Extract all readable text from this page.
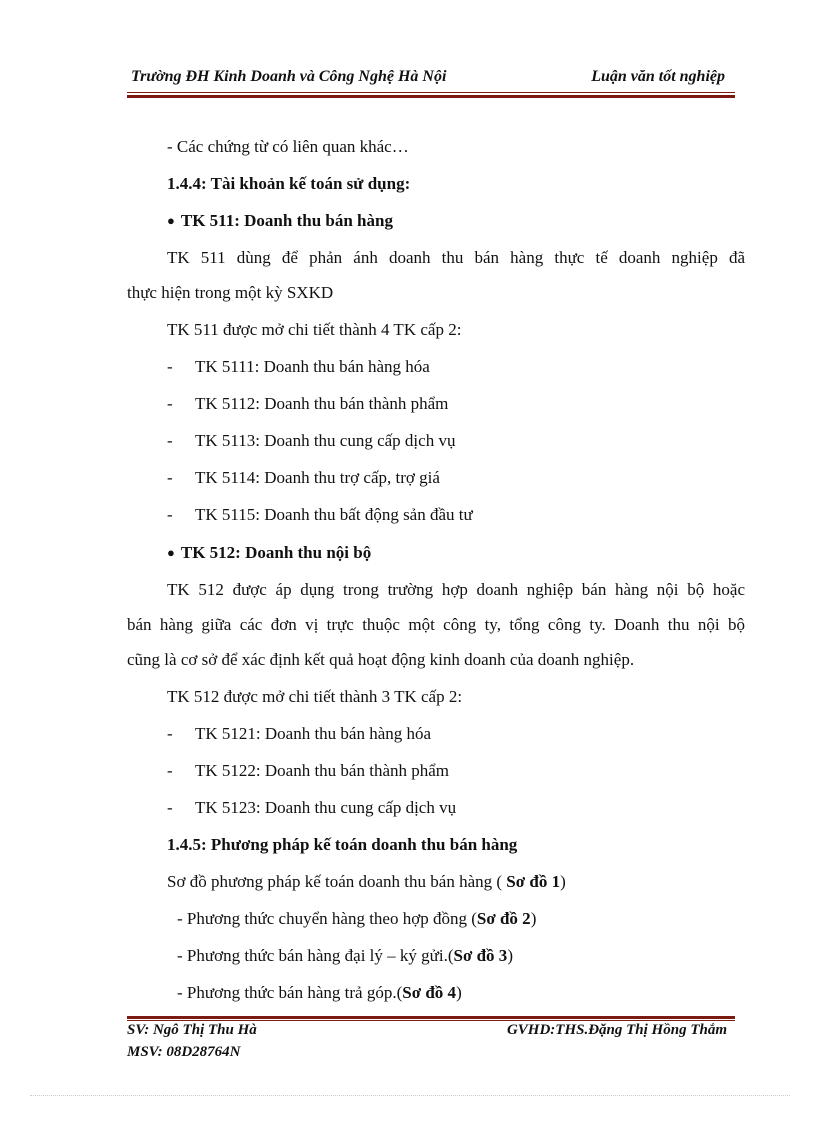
Trường ĐH Kinh Doanh và Công Nghệ Hà Nội	Luận văn tốt nghiệp
- Các chứng từ có liên quan khác…
1.4.4: Tài khoản kế toán sử dụng:
● TK 511: Doanh thu bán hàng
TK 511 dùng để phản ánh doanh thu bán hàng thực tế doanh nghiệp đã
thực hiện trong một kỳ SXKD
TK 511 được mở chi tiết thành 4 TK cấp 2:
- TK 5111: Doanh thu bán hàng hóa
- TK 5112: Doanh thu bán thành phẩm
- TK 5113: Doanh thu cung cấp dịch vụ
- TK 5114: Doanh thu trợ cấp, trợ giá
- TK 5115: Doanh thu bất động sản đầu tư
● TK 512: Doanh thu nội bộ
TK 512 được áp dụng trong trường hợp doanh nghiệp bán hàng nội bộ hoặc
bán hàng giữa các đơn vị trực thuộc một công ty, tổng công ty. Doanh thu nội bộ
cũng là cơ sở để xác định kết quả hoạt động kinh doanh của doanh nghiệp.
TK 512 được mở chi tiết thành 3 TK cấp 2:
- TK 5121: Doanh thu bán hàng hóa
- TK 5122: Doanh thu bán thành phẩm
- TK 5123: Doanh thu cung cấp dịch vụ
1.4.5: Phương pháp kế toán doanh thu bán hàng
Sơ đồ phương pháp kế toán doanh thu bán hàng ( Sơ đồ 1)
- Phương thức chuyển hàng theo hợp đồng (Sơ đồ 2)
- Phương thức bán hàng đại lý – ký gửi.(Sơ đồ 3)
- Phương thức bán hàng trả góp.(Sơ đồ 4)
SV: Ngô Thị Thu Hà
MSV: 08D28764N
GVHD:THS.Đặng Thị Hồng Thắm
